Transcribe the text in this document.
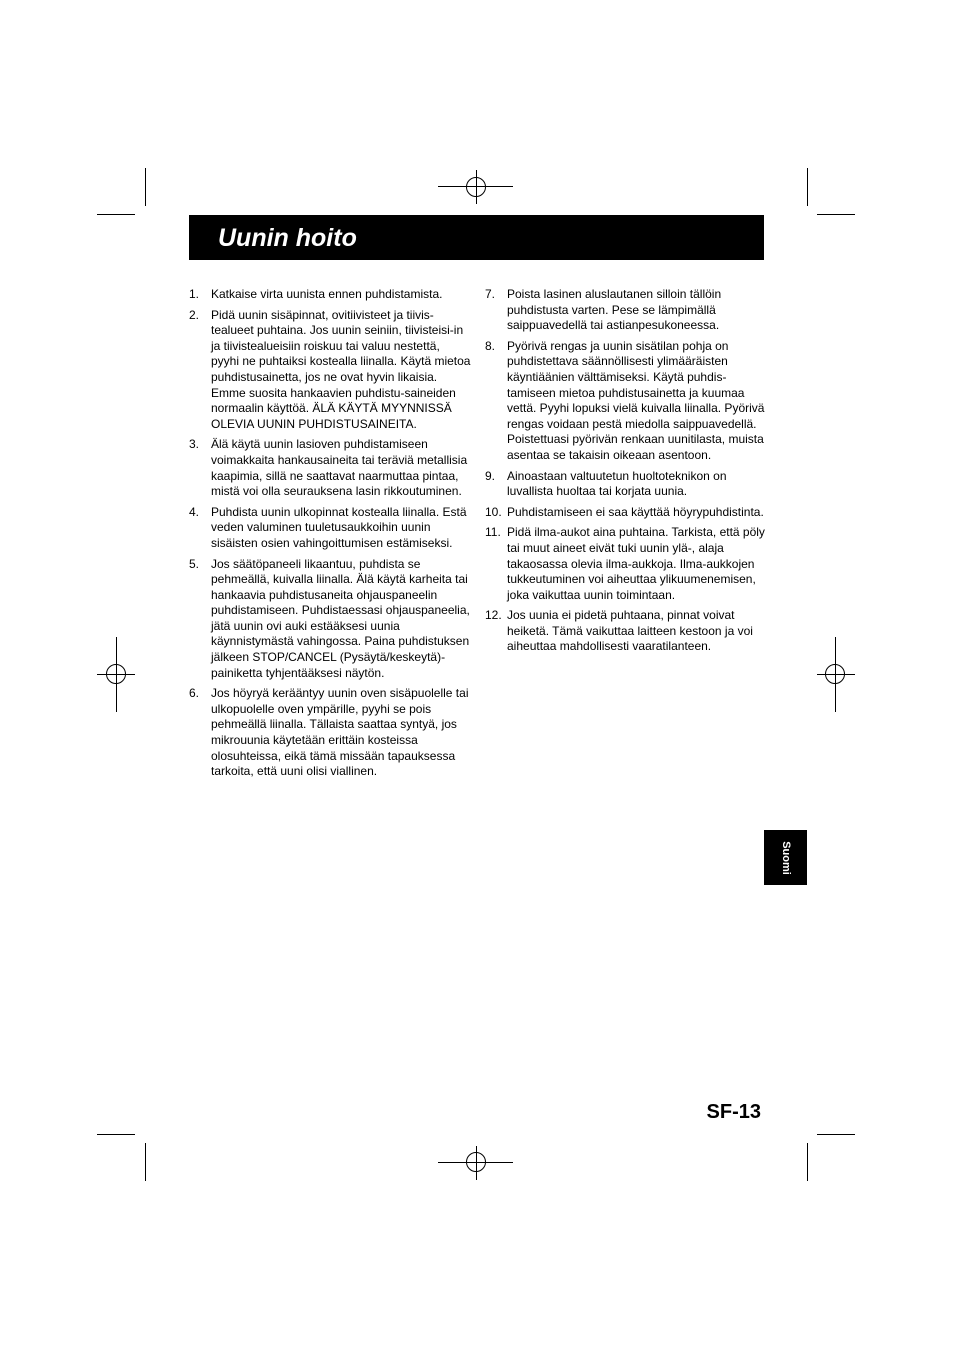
Uunin hoito
1. Katkaise virta uunista ennen puhdistamista.
2. Pidä uunin sisäpinnat, ovitiivisteet ja tiivis-tealueet puhtaina. Jos uunin seiniin, tiivisteisi-in ja tiivistealueisiin roiskuu tai valuu nestettä, pyyhi ne puhtaiksi kostealla liinalla. Käytä mietoa puhdistusainetta, jos ne ovat hyvin likaisia. Emme suosita hankaavien puhdistu-saineiden normaalin käyttöä. ÄLÄ KÄYTÄ MYYNNISSÄ OLEVIA UUNIN PUHDISTUSAINEITA.
3. Älä käytä uunin lasioven puhdistamiseen voimakkaita hankausaineita tai teräviä metallisia kaapimia, sillä ne saattavat naarmuttaa pintaa, mistä voi olla seurauksena lasin rikkoutuminen.
4. Puhdista uunin ulkopinnat kostealla liinalla. Estä veden valuminen tuuletusaukkoihin uunin sisäisten osien vahingoittumisen estämiseksi.
5. Jos säätöpaneeli likaantuu, puhdista se pehmeällä, kuivalla liinalla. Älä käytä karheita tai hankaavia puhdistusaneita ohjauspaneelin puhdistamiseen. Puhdistaessasi ohjauspaneelia, jätä uunin ovi auki estääksesi uunia käynnistymästä vahingossa. Paina puhdistuksen jälkeen STOP/CANCEL (Pysäytä/keskeytä)-painiketta tyhjentääksesi näytön.
6. Jos höyryä kerääntyy uunin oven sisäpuolelle tai ulkopuolelle oven ympärille, pyyhi se pois pehmeällä liinalla. Tällaista saattaa syntyä, jos mikrouunia käytetään erittäin kosteissa olosuhteissa, eikä tämä missään tapauksessa tarkoita, että uuni olisi viallinen.
7. Poista lasinen aluslautanen silloin tällöin puhdistusta varten. Pese se lämpimällä saippuavedellä tai astianpesukoneessa.
8. Pyörivä rengas ja uunin sisätilan pohja on puhdistettava säännöllisesti ylimääräisten käyntiäänien välttämiseksi. Käytä puhdis-tamiseen mietoa puhdistusainetta ja kuumaa vettä. Pyyhi lopuksi vielä kuivalla liinalla. Pyörivä rengas voidaan pestä miedolla saippuavedellä. Poistettuasi pyörivän renkaan uunitilasta, muista asentaa se takaisin oikeaan asentoon.
9. Ainoastaan valtuutetun huoltoteknikon on luvallista huoltaa tai korjata uunia.
10. Puhdistamiseen ei saa käyttää höyrypuhdistinta.
11. Pidä ilma-aukot aina puhtaina. Tarkista, että pöly tai muut aineet eivät tuki uunin ylä-, alaja takaosassa olevia ilma-aukkoja. Ilma-aukkojen tukkeutuminen voi aiheuttaa ylikuumenemisen, joka vaikuttaa uunin toimintaan.
12. Jos uunia ei pidetä puhtaana, pinnat voivat heiketä. Tämä vaikuttaa laitteen kestoon ja voi aiheuttaa mahdollisesti vaaratilanteen.
Suomi
SF-13
